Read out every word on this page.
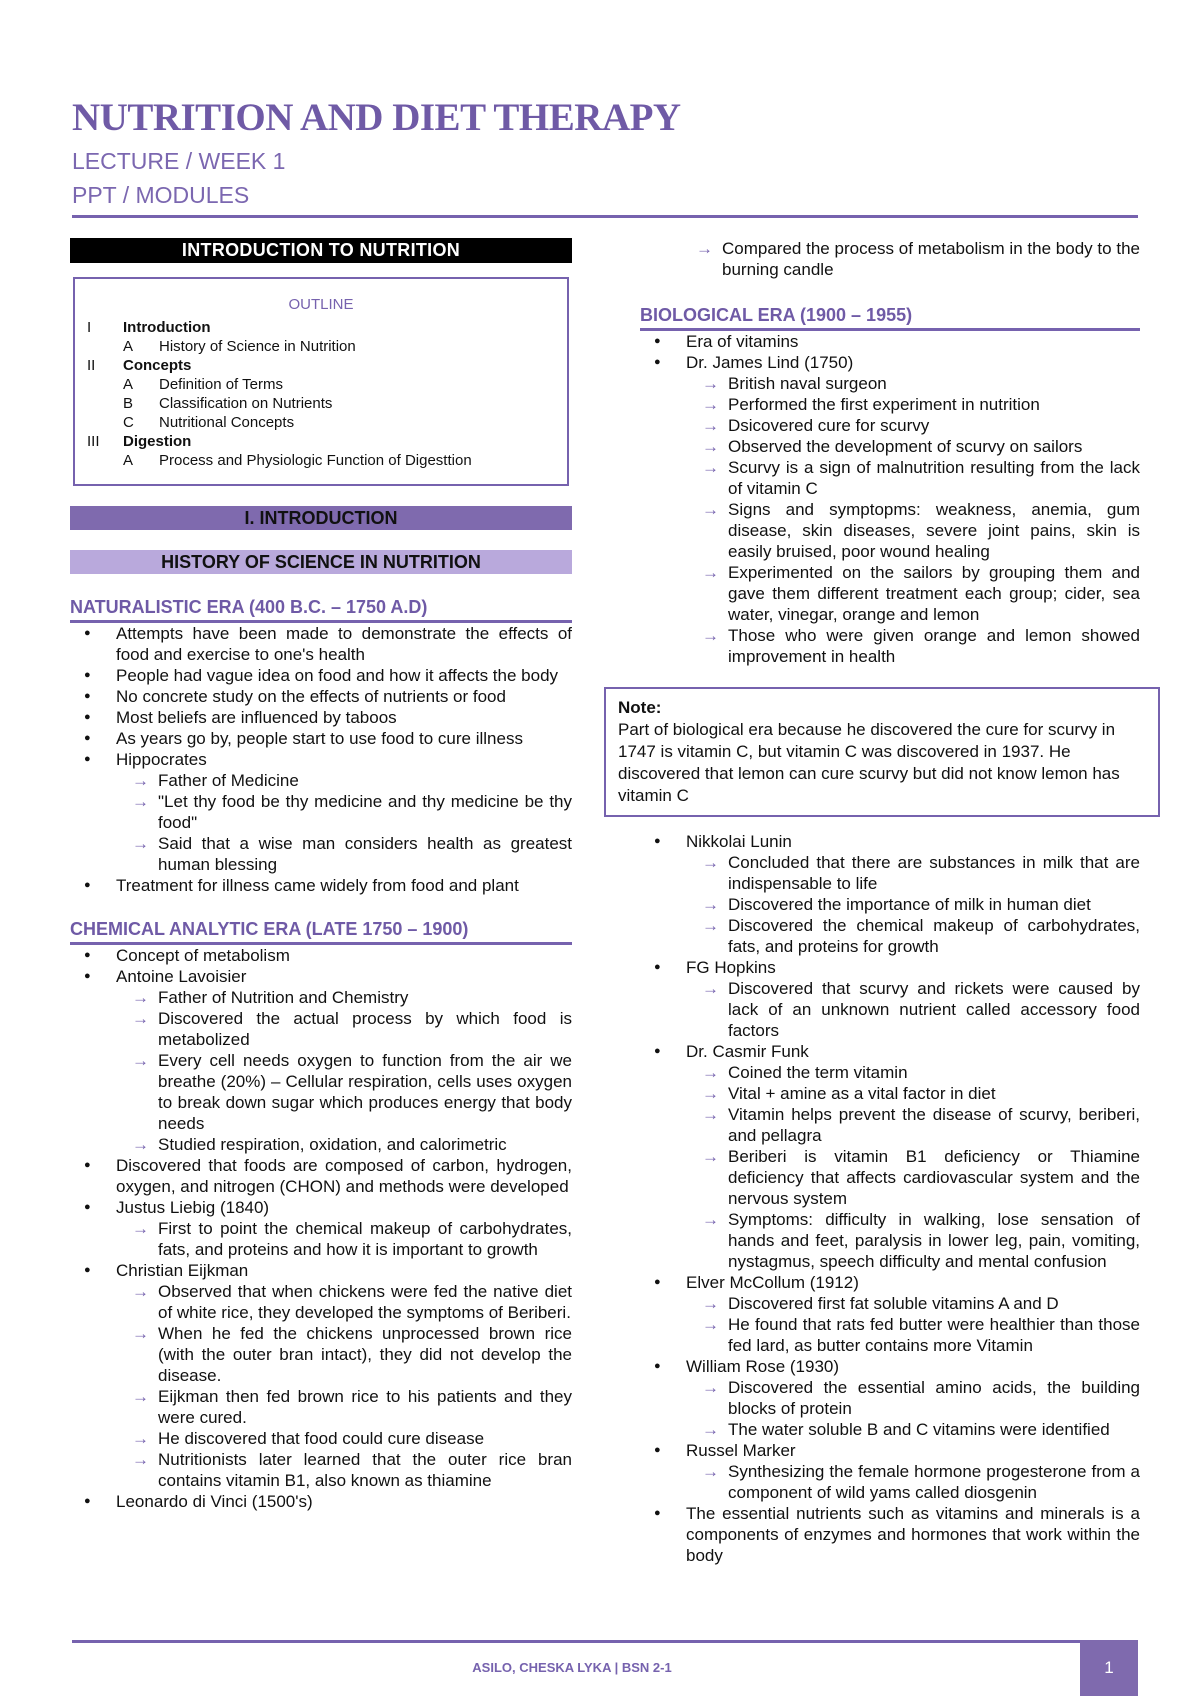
NUTRITION AND DIET THERAPY
LECTURE / WEEK 1
PPT / MODULES
INTRODUCTION TO NUTRITION
OUTLINE
I	Introduction
A	History of Science in Nutrition
II	Concepts
A	Definition of Terms
B	Classification on Nutrients
C	Nutritional Concepts
III	Digestion
A	Process and Physiologic Function of Digesttion
I. INTRODUCTION
HISTORY OF SCIENCE IN NUTRITION
NATURALISTIC ERA (400 B.C. – 1750 A.D)
● Attempts have been made to demonstrate the effects of food and exercise to one's health
● People had vague idea on food and how it affects the body
● No concrete study on the effects of nutrients or food
● Most beliefs are influenced by taboos
● As years go by, people start to use food to cure illness
● Hippocrates
→ Father of Medicine
→ "Let thy food be thy medicine and thy medicine be thy food"
→ Said that a wise man considers health as greatest human blessing
● Treatment for illness came widely from food and plant
CHEMICAL ANALYTIC ERA (LATE 1750 – 1900)
● Concept of metabolism
● Antoine Lavoisier
→ Father of Nutrition and Chemistry
→ Discovered the actual process by which food is metabolized
→ Every cell needs oxygen to function from the air we breathe (20%) – Cellular respiration, cells uses oxygen to break down sugar which produces energy that body needs
→ Studied respiration, oxidation, and calorimetric
● Discovered that foods are composed of carbon, hydrogen, oxygen, and nitrogen (CHON) and methods were developed
● Justus Liebig (1840)
→ First to point the chemical makeup of carbohydrates, fats, and proteins and how it is important to growth
● Christian Eijkman
→ Observed that when chickens were fed the native diet of white rice, they developed the symptoms of Beriberi.
→ When he fed the chickens unprocessed brown rice (with the outer bran intact), they did not develop the disease.
→ Eijkman then fed brown rice to his patients and they were cured.
→ He discovered that food could cure disease
→ Nutritionists later learned that the outer rice bran contains vitamin B1, also known as thiamine
● Leonardo di Vinci (1500's)
→ Compared the process of metabolism in the body to the burning candle
BIOLOGICAL ERA (1900 – 1955)
● Era of vitamins
● Dr. James Lind (1750)
→ British naval surgeon
→ Performed the first experiment in nutrition
→ Dsicovered cure for scurvy
→ Observed the development of scurvy on sailors
→ Scurvy is a sign of malnutrition resulting from the lack of vitamin C
→ Signs and symptopms: weakness, anemia, gum disease, skin diseases, severe joint pains, skin is easily bruised, poor wound healing
→ Experimented on the sailors by grouping them and gave them different treatment each group; cider, sea water, vinegar, orange and lemon
→ Those who were given orange and lemon showed improvement in health
Note:
Part of biological era because he discovered the cure for scurvy in 1747 is vitamin C, but vitamin C was discovered in 1937. He discovered that lemon can cure scurvy but did not know lemon has vitamin C
● Nikkolai Lunin
→ Concluded that there are substances in milk that are indispensable to life
→ Discovered the importance of milk in human diet
→ Discovered the chemical makeup of carbohydrates, fats, and proteins for growth
● FG Hopkins
→ Discovered that scurvy and rickets were caused by lack of an unknown nutrient called accessory food factors
● Dr. Casmir Funk
→ Coined the term vitamin
→ Vital + amine as a vital factor in diet
→ Vitamin helps prevent the disease of scurvy, beriberi, and pellagra
→ Beriberi is vitamin B1 deficiency or Thiamine deficiency that affects cardiovascular system and the nervous system
→ Symptoms: difficulty in walking, lose sensation of hands and feet, paralysis in lower leg, pain, vomiting, nystagmus, speech difficulty and mental confusion
● Elver McCollum (1912)
→ Discovered first fat soluble vitamins A and D
→ He found that rats fed butter were healthier than those fed lard, as butter contains more Vitamin
● William Rose (1930)
→ Discovered the essential amino acids, the building blocks of protein
→ The water soluble B and C vitamins were identified
● Russel Marker
→ Synthesizing the female hormone progesterone from a component of wild yams called diosgenin
● The essential nutrients such as vitamins and minerals is a components of enzymes and hormones that work within the body
ASILO, CHESKA LYKA | BSN 2-1	1
